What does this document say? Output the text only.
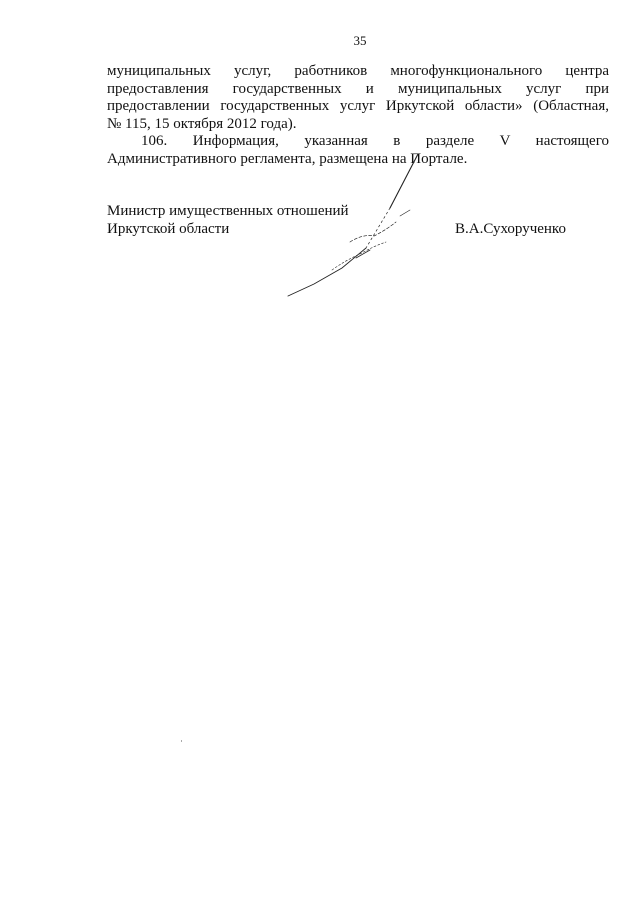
35

муниципальных услуг, работников многофункционального центра

предоставления государственных и муниципальных услуг при

предоставлении государственных услуг Иркутской области» (Областная,

№ 115, 15 октября 2012 года).

106. Информация, указанная в разделе V настоящего

Административного регламента, размещена на Портале.

Министр имущественных отношений
Иркутской области	В.А.Сухорученко
